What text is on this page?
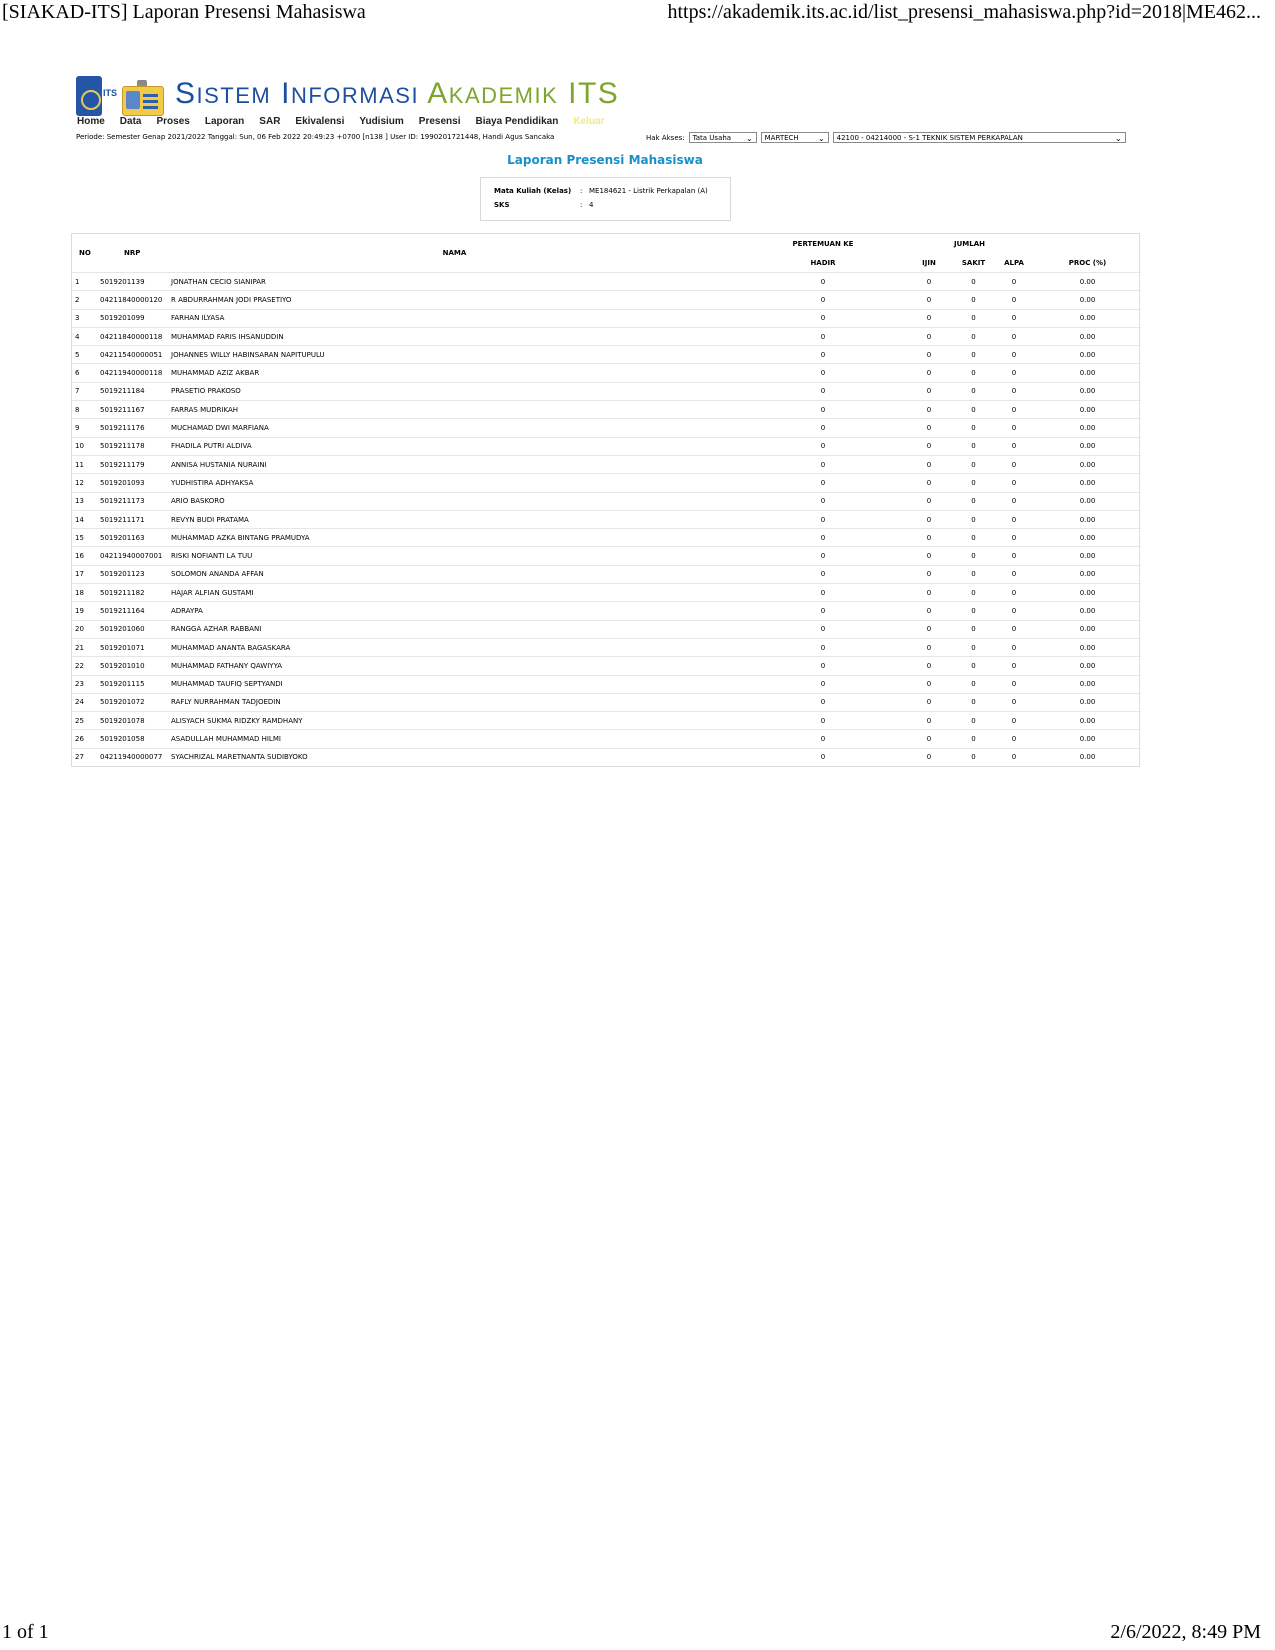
[SIAKAD-ITS] Laporan Presensi Mahasiswa	https://akademik.its.ac.id/list_presensi_mahasiswa.php?id=2018|ME462...
ITS SISTEM INFORMASI AKADEMIK ITS
Home Data Proses Laporan SAR Ekivalensi Yudisium Presensi Biaya Pendidikan Keluar
Periode: Semester Genap 2021/2022 Tanggal: Sun, 06 Feb 2022 20:49:23 +0700 [n138 ] User ID: 1990201721448, Handi Agus Sancaka	Hak Akses:	Tata Usaha ⌄	MARTECH ⌄	42100 - 04214000 - S-1 TEKNIK SISTEM PERKAPALAN	⌄
Laporan Presensi Mahasiswa
Mata Kuliah (Kelas) : ME184621 - Listrik Perkapalan (A)
SKS	: 4
NO	NRP	NAMA	PERTEMUAN KE	JUMLAH			
			HADIR	IJIN	SAKIT	ALPA	PROC (%)
1	5019201139	JONATHAN CECIO SIANIPAR	0	0	0	0	0.00
2	04211840000120	R ABDURRAHMAN JODI PRASETIYO	0	0	0	0	0.00
3	5019201099	FARHAN ILYASA	0	0	0	0	0.00
4	04211840000118	MUHAMMAD FARIS IHSANUDDIN	0	0	0	0	0.00
5	04211540000051	JOHANNES WILLY HABINSARAN NAPITUPULU	0	0	0	0	0.00
6	04211940000118	MUHAMMAD AZIZ AKBAR	0	0	0	0	0.00
7	5019211184	PRASETIO PRAKOSO	0	0	0	0	0.00
8	5019211167	FARRAS MUDRIKAH	0	0	0	0	0.00
9	5019211176	MUCHAMAD DWI MARFIANA	0	0	0	0	0.00
10	5019211178	FHADILA PUTRI ALDIVA	0	0	0	0	0.00
11	5019211179	ANNISA HUSTANIA NURAINI	0	0	0	0	0.00
12	5019201093	YUDHISTIRA ADHYAKSA	0	0	0	0	0.00
13	5019211173	ARIO BASKORO	0	0	0	0	0.00
14	5019211171	REVYN BUDI PRATAMA	0	0	0	0	0.00
15	5019201163	MUHAMMAD AZKA BINTANG PRAMUDYA	0	0	0	0	0.00
16	04211940007001	RISKI NOFIANTI LA TUU	0	0	0	0	0.00
17	5019201123	SOLOMON ANANDA AFFAN	0	0	0	0	0.00
18	5019211182	HAJAR ALFIAN GUSTAMI	0	0	0	0	0.00
19	5019211164	ADRAYPA	0	0	0	0	0.00
20	5019201060	RANGGA AZHAR RABBANI	0	0	0	0	0.00
21	5019201071	MUHAMMAD ANANTA BAGASKARA	0	0	0	0	0.00
22	5019201010	MUHAMMAD FATHANY QAWIYYA	0	0	0	0	0.00
23	5019201115	MUHAMMAD TAUFIQ SEPTYANDI	0	0	0	0	0.00
24	5019201072	RAFLY NURRAHMAN TADJOEDIN	0	0	0	0	0.00
25	5019201078	ALISYACH SUKMA RIDZKY RAMDHANY	0	0	0	0	0.00
26	5019201058	ASADULLAH MUHAMMAD HILMI	0	0	0	0	0.00
27	04211940000077	SYACHRIZAL MARETNANTA SUDIBYOKO	0	0	0	0	0.00
1 of 1	2/6/2022, 8:49 PM
